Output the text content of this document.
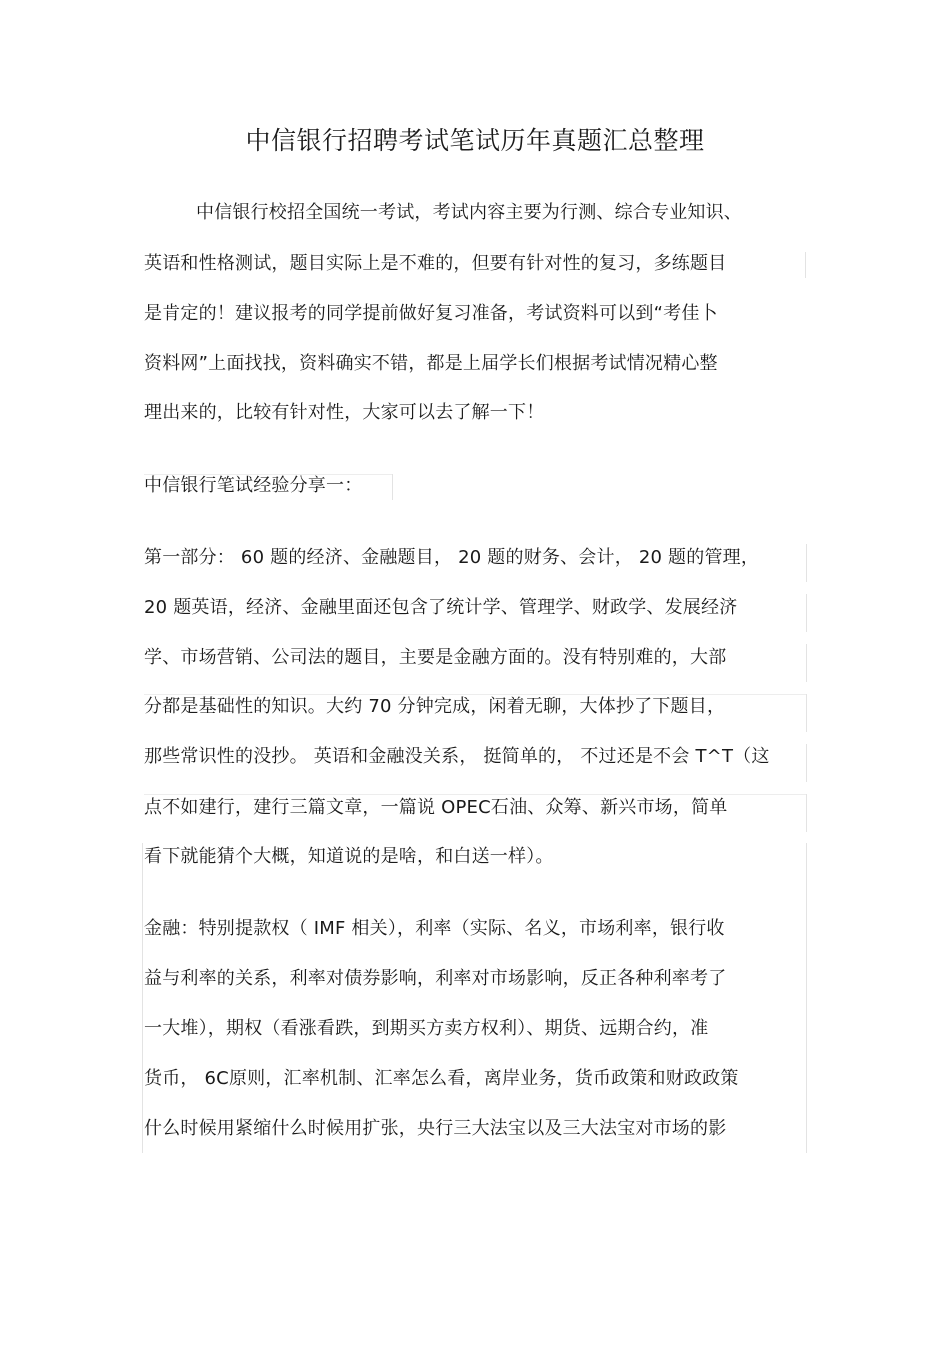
中信银行招聘考试笔试历年真题汇总整理
中信银行校招全国统一考试，考试内容主要为行测、综合专业知识、
英语和性格测试，题目实际上是不难的，但要有针对性的复习，多练题目
是肯定的！建议报考的同学提前做好复习准备，考试资料可以到“考佳卜
资料网”上面找找，资料确实不错，都是上届学长们根据考试情况精心整
理出来的，比较有针对性，大家可以去了解一下！
中信银行笔试经验分享一：
第一部分： 60 题的经济、金融题目， 20 题的财务、会计， 20 题的管理，
20 题英语，经济、金融里面还包含了统计学、管理学、财政学、发展经济
学、市场营销、公司法的题目，主要是金融方面的。没有特别难的，大部
分都是基础性的知识。大约 70 分钟完成，闲着无聊，大体抄了下题目，
那些常识性的没抄。 英语和金融没关系， 挺简单的， 不过还是不会 T^T（这
点不如建行，建行三篇文章，一篇说 OPEC石油、众筹、新兴市场，简单
看下就能猜个大概，知道说的是啥，和白送一样）。
金融：特别提款权（ IMF 相关），利率（实际、名义，市场利率，银行收
益与利率的关系，利率对债券影响，利率对市场影响，反正各种利率考了
一大堆），期权（看涨看跌，到期买方卖方权利）、期货、远期合约，准
货币， 6C原则，汇率机制、汇率怎么看，离岸业务，货币政策和财政政策
什么时候用紧缩什么时候用扩张，央行三大法宝以及三大法宝对市场的影
